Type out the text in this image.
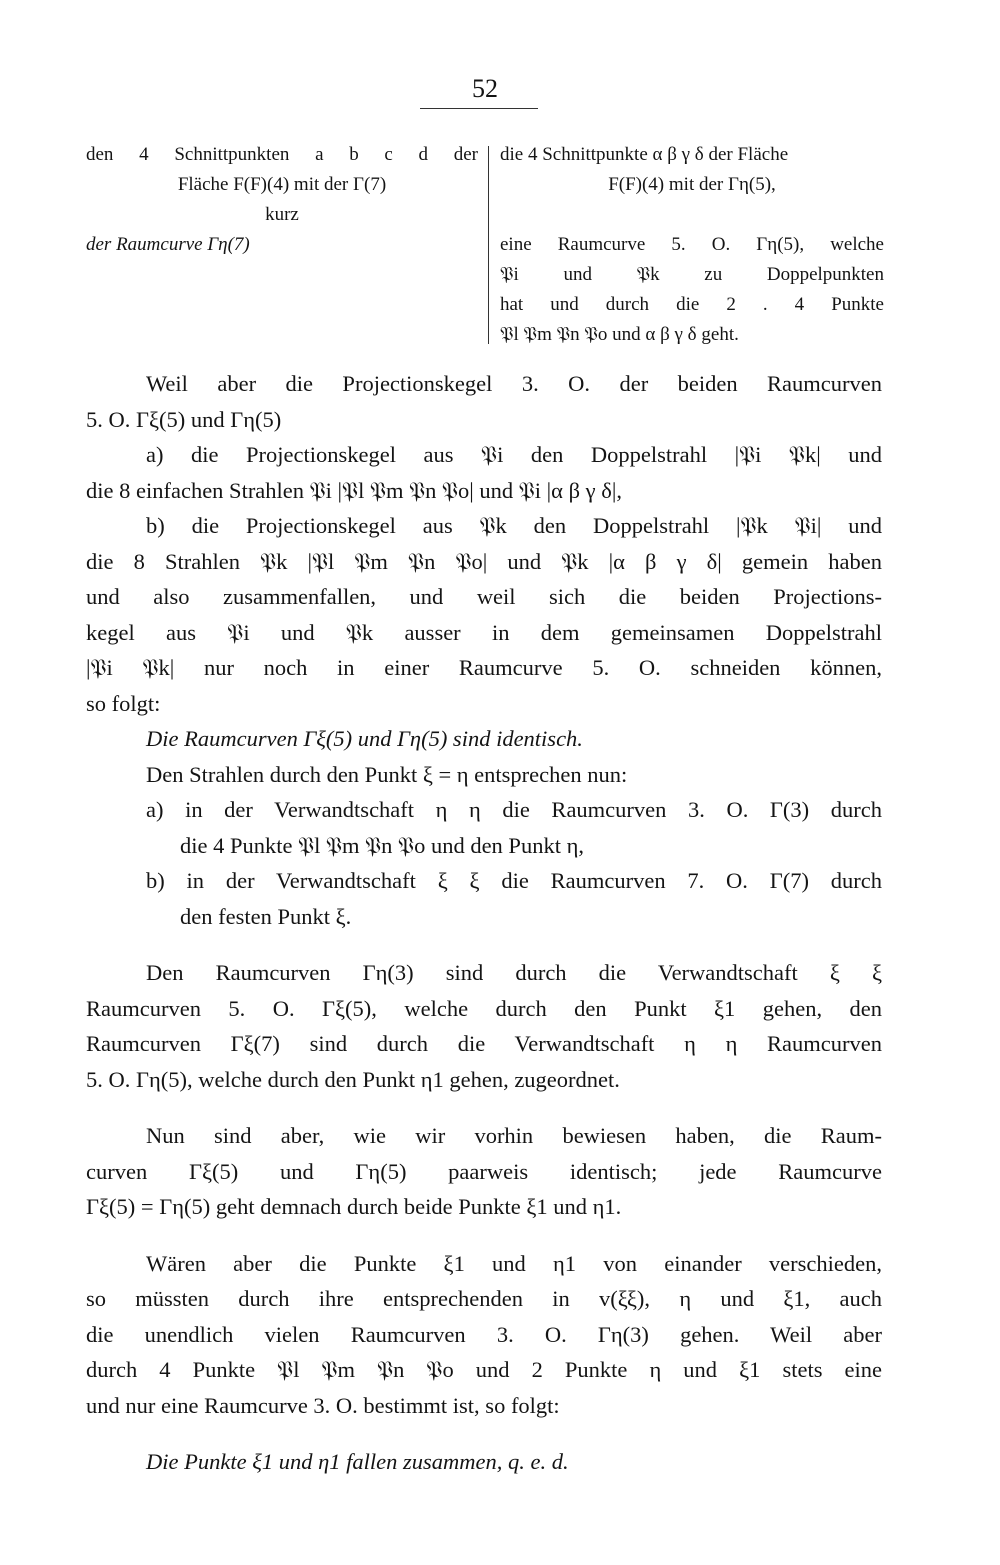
52
den 4 Schnittpunkten a b c d der
Fläche F(F)(4) mit der Γ(7)
kurz
der Raumcurve Γη(7)
die 4 Schnittpunkte α β γ δ der Fläche
F(F)(4) mit der Γη(5),
eine Raumcurve 5. O. Γη(5), welche
𝔓i und 𝔓k zu Doppelpunkten
hat und durch die 2 . 4 Punkte
𝔓l 𝔓m 𝔓n 𝔓o und α β γ δ geht.
Weil aber die Projectionskegel 3. O. der beiden Raumcurven
5. O. Γξ(5) und Γη(5)
a) die Projectionskegel aus 𝔓i den Doppelstrahl |𝔓i 𝔓k| und
die 8 einfachen Strahlen 𝔓i |𝔓l 𝔓m 𝔓n 𝔓o| und 𝔓i |α β γ δ|,
b) die Projectionskegel aus 𝔓k den Doppelstrahl |𝔓k 𝔓i| und
die 8 Strahlen 𝔓k |𝔓l 𝔓m 𝔓n 𝔓o| und 𝔓k |α β γ δ| gemein haben
und also zusammenfallen, und weil sich die beiden Projections-
kegel aus 𝔓i und 𝔓k ausser in dem gemeinsamen Doppelstrahl
|𝔓i 𝔓k| nur noch in einer Raumcurve 5. O. schneiden können,
so folgt:
Die Raumcurven Γξ(5) und Γη(5) sind identisch.
Den Strahlen durch den Punkt ξ = η entsprechen nun:
a) in der Verwandtschaft η η die Raumcurven 3. O. Γ(3) durch
die 4 Punkte 𝔓l 𝔓m 𝔓n 𝔓o und den Punkt η,
b) in der Verwandtschaft ξ ξ die Raumcurven 7. O. Γ(7) durch
den festen Punkt ξ.
Den Raumcurven Γη(3) sind durch die Verwandtschaft ξ ξ
Raumcurven 5. O. Γξ(5), welche durch den Punkt ξ1 gehen, den
Raumcurven Γξ(7) sind durch die Verwandtschaft η η Raumcurven
5. O. Γη(5), welche durch den Punkt η1 gehen, zugeordnet.
Nun sind aber, wie wir vorhin bewiesen haben, die Raum-
curven Γξ(5) und Γη(5) paarweis identisch; jede Raumcurve
Γξ(5) = Γη(5) geht demnach durch beide Punkte ξ1 und η1.
Wären aber die Punkte ξ1 und η1 von einander verschieden,
so müssten durch ihre entsprechenden in v(ξξ), η und ξ1, auch
die unendlich vielen Raumcurven 3. O. Γη(3) gehen. Weil aber
durch 4 Punkte 𝔓l 𝔓m 𝔓n 𝔓o und 2 Punkte η und ξ1 stets eine
und nur eine Raumcurve 3. O. bestimmt ist, so folgt:
Die Punkte ξ1 und η1 fallen zusammen, q. e. d.
